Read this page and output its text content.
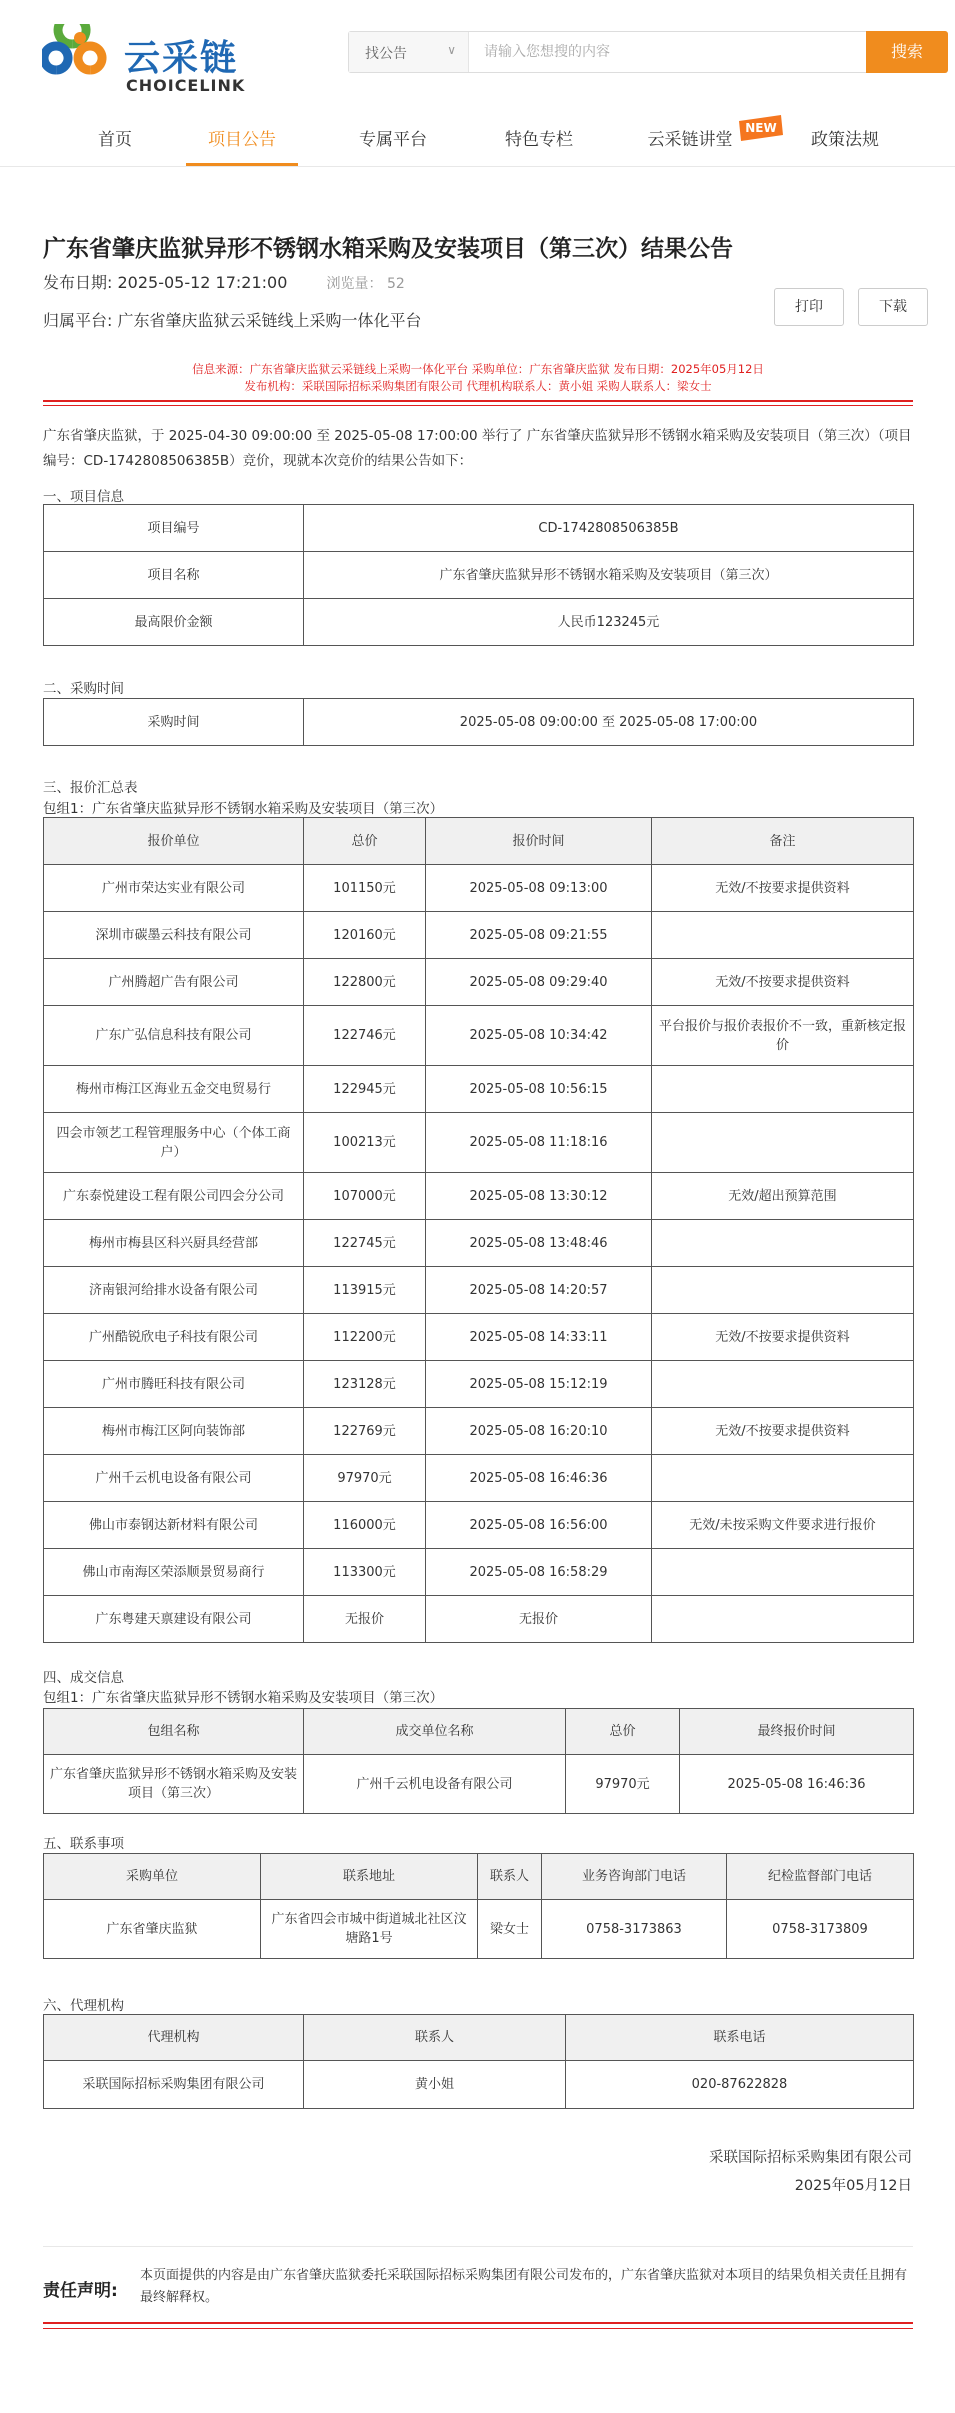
云采链
CHOICELINK
找公告	∨
请输入您想搜的内容	搜索
首页	项目公告	专属平台	特色专栏	云采链讲堂	政策法规
NEW
广东省肇庆监狱异形不锈钢水箱采购及安装项目（第三次）结果公告
发布日期: 2025-05-12 17:21:00	浏览量： 52
归属平台: 广东省肇庆监狱云采链线上采购一体化平台
打印	下载
信息来源：广东省肇庆监狱云采链线上采购一体化平台 采购单位：广东省肇庆监狱 发布日期：2025年05月12日
发布机构：采联国际招标采购集团有限公司 代理机构联系人：黄小姐 采购人联系人：梁女士
广东省肇庆监狱，于 2025-04-30 09:00:00 至 2025-05-08 17:00:00 举行了 广东省肇庆监狱异形不锈钢水箱采购及安装项目（第三次）（项目编号：CD-1742808506385B）竞价，现就本次竞价的结果公告如下：
一、项目信息
项目编号	CD-1742808506385B
项目名称	广东省肇庆监狱异形不锈钢水箱采购及安装项目（第三次）
最高限价金额	人民币123245元
二、采购时间
采购时间	2025-05-08 09:00:00 至 2025-05-08 17:00:00
三、报价汇总表
包组1：广东省肇庆监狱异形不锈钢水箱采购及安装项目（第三次）
报价单位	总价	报价时间	备注
广州市荣达实业有限公司	101150元	2025-05-08 09:13:00	无效/不按要求提供资料
深圳市碳墨云科技有限公司	120160元	2025-05-08 09:21:55	
广州腾超广告有限公司	122800元	2025-05-08 09:29:40	无效/不按要求提供资料
广东广弘信息科技有限公司	122746元	2025-05-08 10:34:42	平台报价与报价表报价不一致，重新核定报价
梅州市梅江区海业五金交电贸易行	122945元	2025-05-08 10:56:15	
四会市领艺工程管理服务中心（个体工商户）	100213元	2025-05-08 11:18:16	
广东泰悦建设工程有限公司四会分公司	107000元	2025-05-08 13:30:12	无效/超出预算范围
梅州市梅县区科兴厨具经营部	122745元	2025-05-08 13:48:46	
济南银河给排水设备有限公司	113915元	2025-05-08 14:20:57	
广州酷锐欣电子科技有限公司	112200元	2025-05-08 14:33:11	无效/不按要求提供资料
广州市腾旺科技有限公司	123128元	2025-05-08 15:12:19	
梅州市梅江区阿向装饰部	122769元	2025-05-08 16:20:10	无效/不按要求提供资料
广州千云机电设备有限公司	97970元	2025-05-08 16:46:36	
佛山市泰钢达新材料有限公司	116000元	2025-05-08 16:56:00	无效/未按采购文件要求进行报价
佛山市南海区荣添顺景贸易商行	113300元	2025-05-08 16:58:29	
广东粤建天禀建设有限公司	无报价	无报价	
四、成交信息
包组1：广东省肇庆监狱异形不锈钢水箱采购及安装项目（第三次）
包组名称	成交单位名称	总价	最终报价时间
广东省肇庆监狱异形不锈钢水箱采购及安装项目（第三次）	广州千云机电设备有限公司	97970元	2025-05-08 16:46:36
五、联系事项
采购单位	联系地址	联系人	业务咨询部门电话	纪检监督部门电话
广东省肇庆监狱	广东省四会市城中街道城北社区汶塘路1号	梁女士	0758-3173863	0758-3173809
六、代理机构
代理机构	联系人	联系电话
采联国际招标采购集团有限公司	黄小姐	020-87622828
采联国际招标采购集团有限公司
2025年05月12日
责任声明:
本页面提供的内容是由广东省肇庆监狱委托采联国际招标采购集团有限公司发布的，广东省肇庆监狱对本项目的结果负相关责任且拥有最终解释权。
